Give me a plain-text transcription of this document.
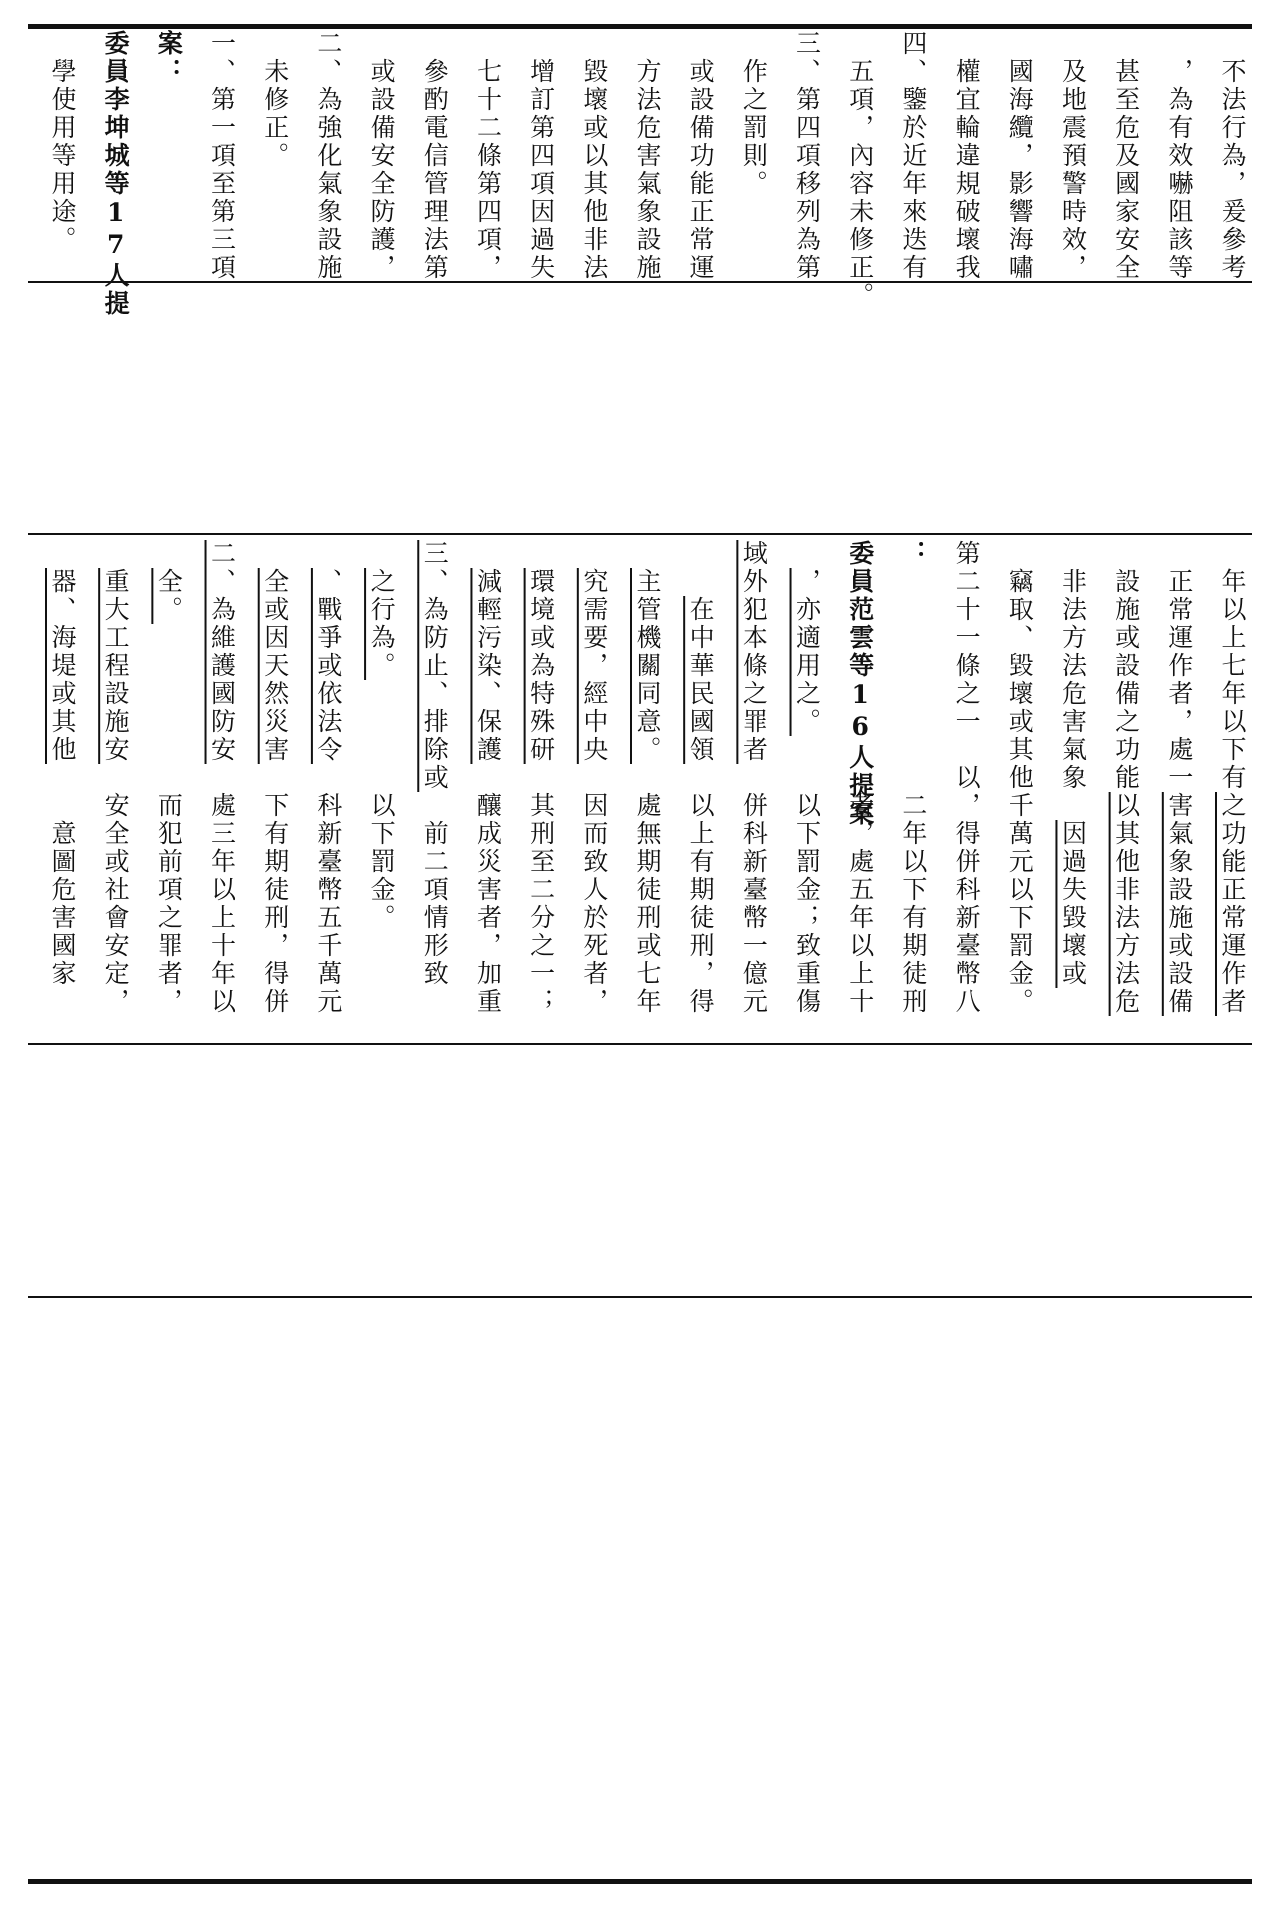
學使用等用途。 委員李坤城等17人提 案： 一、第一項至第三項 未修正。 二、為強化氣象設施 或設備安全防護， 參酌電信管理法第 七十二條第四項， 增訂第四項因過失 毀壞或以其他非法 方法危害氣象設施 或設備功能正常運 作之罰則。 三、第四項移列為第 五項，內容未修正。 四、鑒於近年來迭有 權宜輪違規破壞我 國海纜，影響海嘯 及地震預警時效， 甚至危及國家安全 ，為有效嚇阻該等 不法行為，爰參考
器、海堤或其他 重大工程設施安 全。 二、為維護國防安 全或因天然災害 、戰爭或依法令 之行為。 三、為防止、排除或 減輕污染、保護 環境或為特殊研 究需要，經中央 主管機關同意。 在中華民國領 域外犯本條之罪者 ，亦適用之。 委員范雲等16人提案 ： 第二十一條之一　以 竊取、毀壞或其他 非法方法危害氣象 設施或設備之功能 正常運作者，處一 年以上七年以下有
意圖危害國家 安全或社會安定， 而犯前項之罪者， 處三年以上十年以 下有期徒刑，得併 科新臺幣五千萬元 以下罰金。 前二項情形致 釀成災害者，加重 其刑至二分之一； 因而致人於死者， 處無期徒刑或七年 以上有期徒刑，得 併科新臺幣一億元 以下罰金；致重傷 者，處五年以上十 二年以下有期徒刑 ，得併科新臺幣八 千萬元以下罰金。 因過失毀壞或 以其他非法方法危 害氣象設施或設備 之功能正常運作者
